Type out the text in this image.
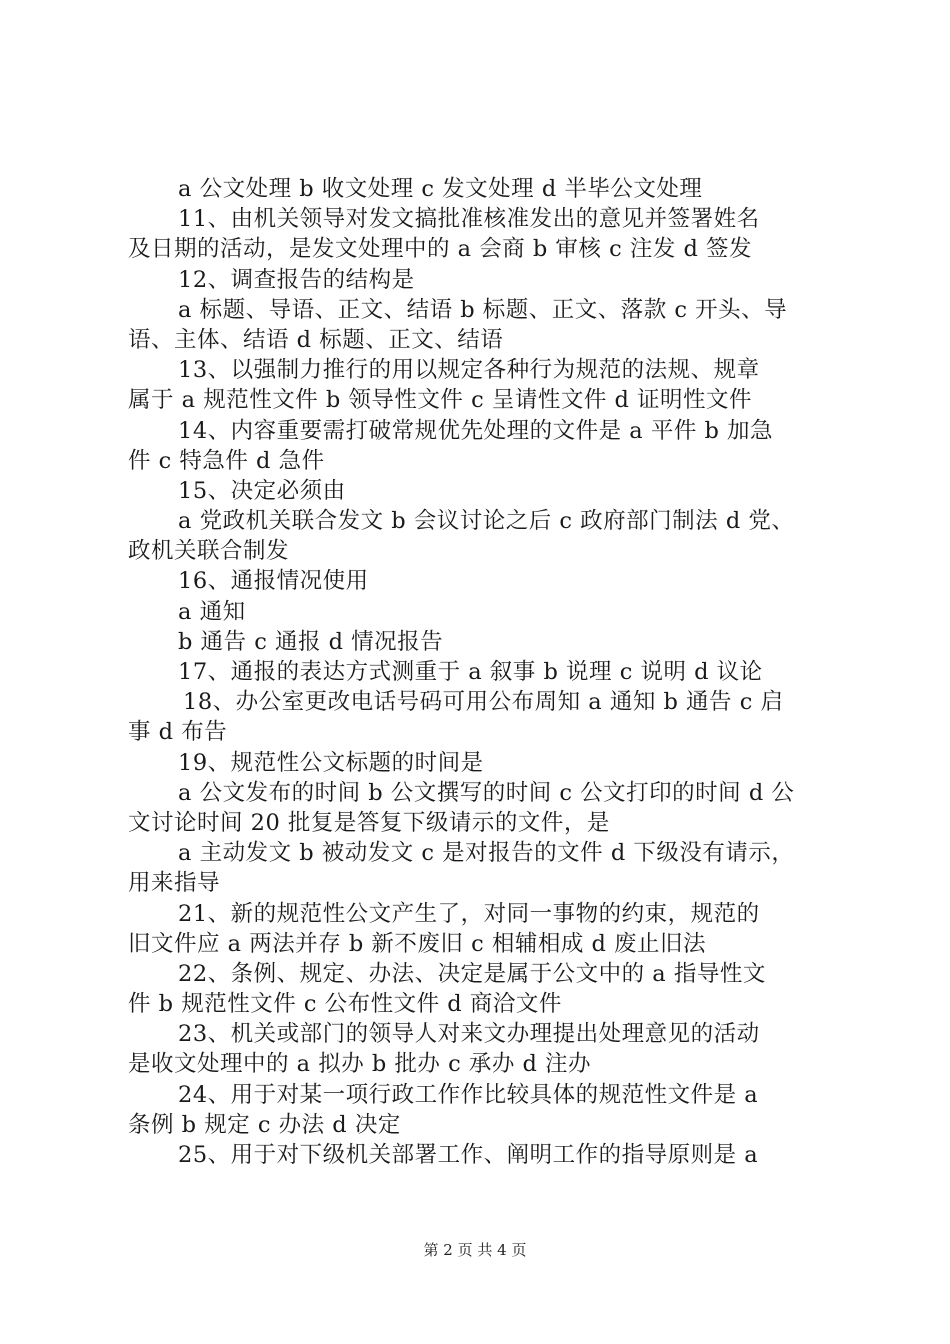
a 公文处理 b 收文处理 c 发文处理 d 半毕公文处理
11、由机关领导对发文搞批准核准发出的意见并签署姓名
及日期的活动，是发文处理中的 a 会商 b 审核 c 注发 d 签发
12、调查报告的结构是
a 标题、导语、正文、结语 b 标题、正文、落款 c 开头、导
语、主体、结语 d 标题、正文、结语
13、以强制力推行的用以规定各种行为规范的法规、规章
属于 a 规范性文件 b 领导性文件 c 呈请性文件 d 证明性文件
14、内容重要需打破常规优先处理的文件是 a 平件 b 加急
件 c 特急件 d 急件
15、决定必须由
a 党政机关联合发文 b 会议讨论之后 c 政府部门制法 d 党、
政机关联合制发
16、通报情况使用
a 通知
b 通告 c 通报 d 情况报告
17、通报的表达方式测重于 a 叙事 b 说理 c 说明 d 议论
18、办公室更改电话号码可用公布周知 a 通知 b 通告 c 启
事 d 布告
19、规范性公文标题的时间是
a 公文发布的时间 b 公文撰写的时间 c 公文打印的时间 d 公
文讨论时间 20 批复是答复下级请示的文件，是
a 主动发文 b 被动发文 c 是对报告的文件 d 下级没有请示，
用来指导
21、新的规范性公文产生了，对同一事物的约束，规范的
旧文件应 a 两法并存 b 新不废旧 c 相辅相成 d 废止旧法
22、条例、规定、办法、决定是属于公文中的 a 指导性文
件 b 规范性文件 c 公布性文件 d 商洽文件
23、机关或部门的领导人对来文办理提出处理意见的活动
是收文处理中的 a 拟办 b 批办 c 承办 d 注办
24、用于对某一项行政工作作比较具体的规范性文件是 a
条例 b 规定 c 办法 d 决定
25、用于对下级机关部署工作、阐明工作的指导原则是 a
第 2 页 共 4 页
